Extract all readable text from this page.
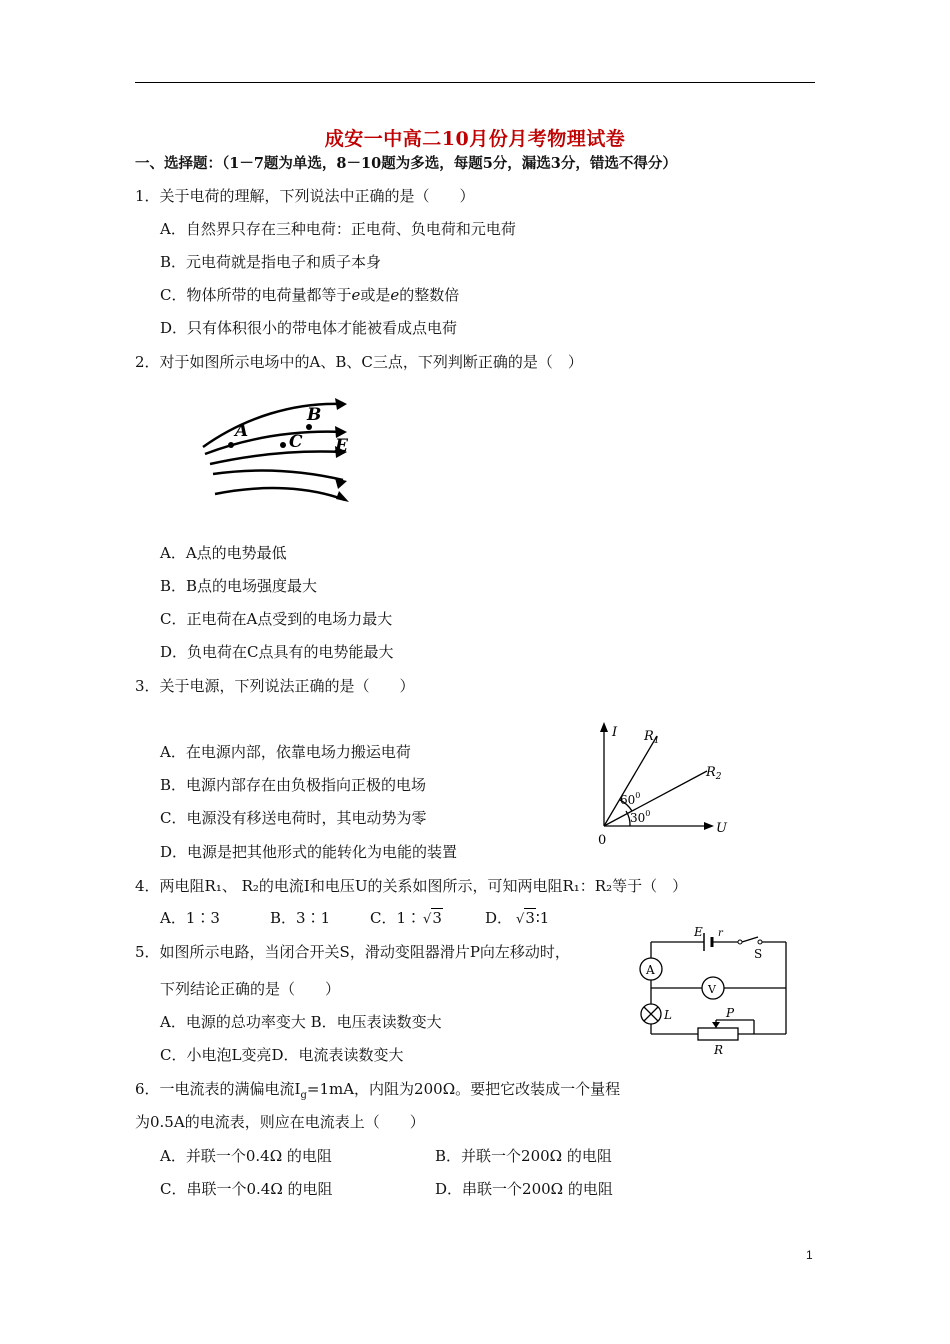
成安一中高二10月份月考物理试卷
一、选择题：（1－7题为单选，8－10题为多选，每题5分，漏选3分，错选不得分）
1．关于电荷的理解，下列说法中正确的是（　　）
A．自然界只存在三种电荷：正电荷、负电荷和元电荷
B．元电荷就是指电子和质子本身
C．物体所带的电荷量都等于e或是e的整数倍
D．只有体积很小的带电体才能被看成点电荷
2．对于如图所示电场中的A、B、C三点，下列判断正确的是（　）
A
B
C E
A．A点的电势最低
B．B点的电场强度最大
C．正电荷在A点受到的电场力最大
D．负电荷在C点具有的电势能最大
3．关于电源，下列说法正确的是（　　）
A．在电源内部，依靠电场力搬运电荷
B．电源内部存在由负极指向正极的电场
C．电源没有移送电荷时，其电动势为零
D．电源是把其他形式的能转化为电能的装置
I
U
0
$R_1$
$R_2$
$60^0$
$30^0$
4．两电阻R₁、 R₂的电流I和电压U的关系如图所示，可知两电阻R₁：R₂等于（　）
A．1∶3	B．3∶1	C．1∶ √3	D． √3∶1
5．如图所示电路，当闭合开关S，滑动变阻器滑片P向左移动时，
下列结论正确的是（　　）
A．电源的总功率变大 B．电压表读数变大
C．小电泡L变亮D．电流表读数变大
E r
S
A
V
L	P
R
6．一电流表的满偏电流$I_g=1mA$，内阻为200Ω。要把它改装成一个量程
为0.5A的电流表，则应在电流表上（　　）
A．并联一个0.4Ω 的电阻	B．并联一个200Ω 的电阻
C．串联一个0.4Ω 的电阻	D．串联一个200Ω 的电阻
1
